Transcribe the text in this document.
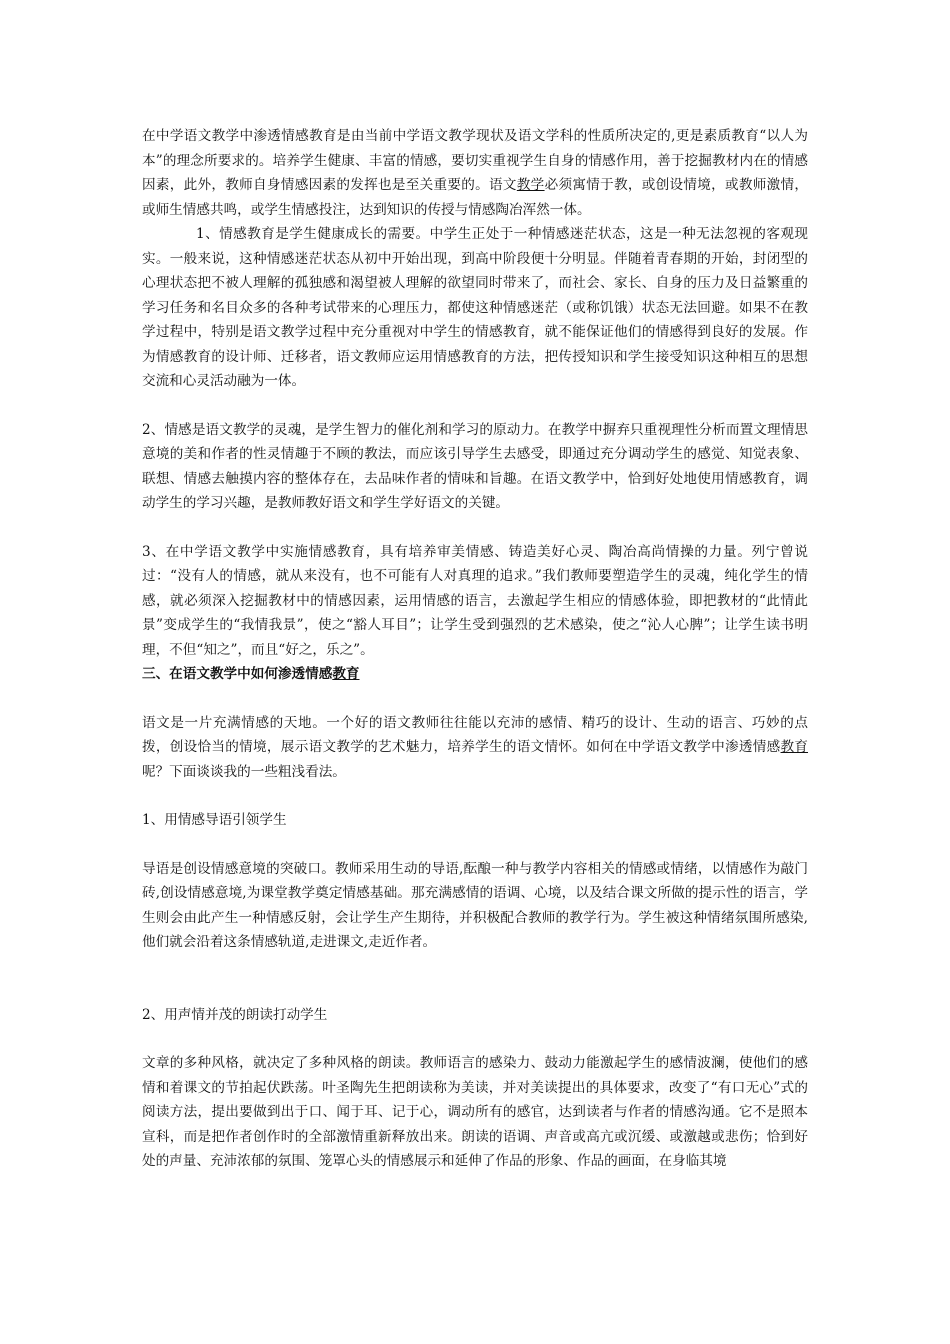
在中学语文教学中渗透情感教育是由当前中学语文教学现状及语文学科的性质所决定的,更是素质教育“以人为本”的理念所要求的。培养学生健康、丰富的情感，要切实重视学生自身的情感作用，善于挖掘教材内在的情感因素，此外，教师自身情感因素的发挥也是至关重要的。语文教学必须寓情于教，或创设情境，或教师激情，或师生情感共鸣，或学生情感投注，达到知识的传授与情感陶冶浑然一体。

1、情感教育是学生健康成长的需要。中学生正处于一种情感迷茫状态，这是一种无法忽视的客观现实。一般来说，这种情感迷茫状态从初中开始出现，到高中阶段便十分明显。伴随着青春期的开始，封闭型的心理状态把不被人理解的孤独感和渴望被人理解的欲望同时带来了，而社会、家长、自身的压力及日益繁重的学习任务和名目众多的各种考试带来的心理压力，都使这种情感迷茫（或称饥饿）状态无法回避。如果不在教学过程中，特别是语文教学过程中充分重视对中学生的情感教育，就不能保证他们的情感得到良好的发展。作为情感教育的设计师、迁移者，语文教师应运用情感教育的方法，把传授知识和学生接受知识这种相互的思想交流和心灵活动融为一体。

2、情感是语文教学的灵魂，是学生智力的催化剂和学习的原动力。在教学中摒弃只重视理性分析而置文理情思意境的美和作者的性灵情趣于不顾的教法，而应该引导学生去感受，即通过充分调动学生的感觉、知觉表象、联想、情感去触摸内容的整体存在，去品味作者的情味和旨趣。在语文教学中，恰到好处地使用情感教育，调动学生的学习兴趣，是教师教好语文和学生学好语文的关键。

3、在中学语文教学中实施情感教育，具有培养审美情感、铸造美好心灵、陶冶高尚情操的力量。列宁曾说过：“没有人的情感，就从来没有，也不可能有人对真理的追求。”我们教师要塑造学生的灵魂，纯化学生的情感，就必须深入挖掘教材中的情感因素，运用情感的语言，去激起学生相应的情感体验，即把教材的“此情此景”变成学生的“我情我景”，使之“豁人耳目”；让学生受到强烈的艺术感染，使之“沁人心脾”；让学生读书明理，不但“知之”，而且“好之，乐之”。

三、在语文教学中如何渗透情感教育

语文是一片充满情感的天地。一个好的语文教师往往能以充沛的感情、精巧的设计、生动的语言、巧妙的点拨，创设恰当的情境，展示语文教学的艺术魅力，培养学生的语文情怀。如何在中学语文教学中渗透情感教育呢？下面谈谈我的一些粗浅看法。

1、用情感导语引领学生

导语是创设情感意境的突破口。教师采用生动的导语,酝酿一种与教学内容相关的情感或情绪，以情感作为敲门砖,创设情感意境,为课堂教学奠定情感基础。那充满感情的语调、心境，以及结合课文所做的提示性的语言，学生则会由此产生一种情感反射，会让学生产生期待，并积极配合教师的教学行为。学生被这种情绪氛围所感染,他们就会沿着这条情感轨道,走进课文,走近作者。

2、用声情并茂的朗读打动学生

文章的多种风格，就决定了多种风格的朗读。教师语言的感染力、鼓动力能激起学生的感情波澜，使他们的感情和着课文的节拍起伏跌荡。叶圣陶先生把朗读称为美读，并对美读提出的具体要求，改变了“有口无心”式的阅读方法，提出要做到出于口、闻于耳、记于心，调动所有的感官，达到读者与作者的情感沟通。它不是照本宣科，而是把作者创作时的全部激情重新释放出来。朗读的语调、声音或高亢或沉缓、或激越或悲伤；恰到好处的声量、充沛浓郁的氛围、笼罩心头的情感展示和延伸了作品的形象、作品的画面，在身临其境
